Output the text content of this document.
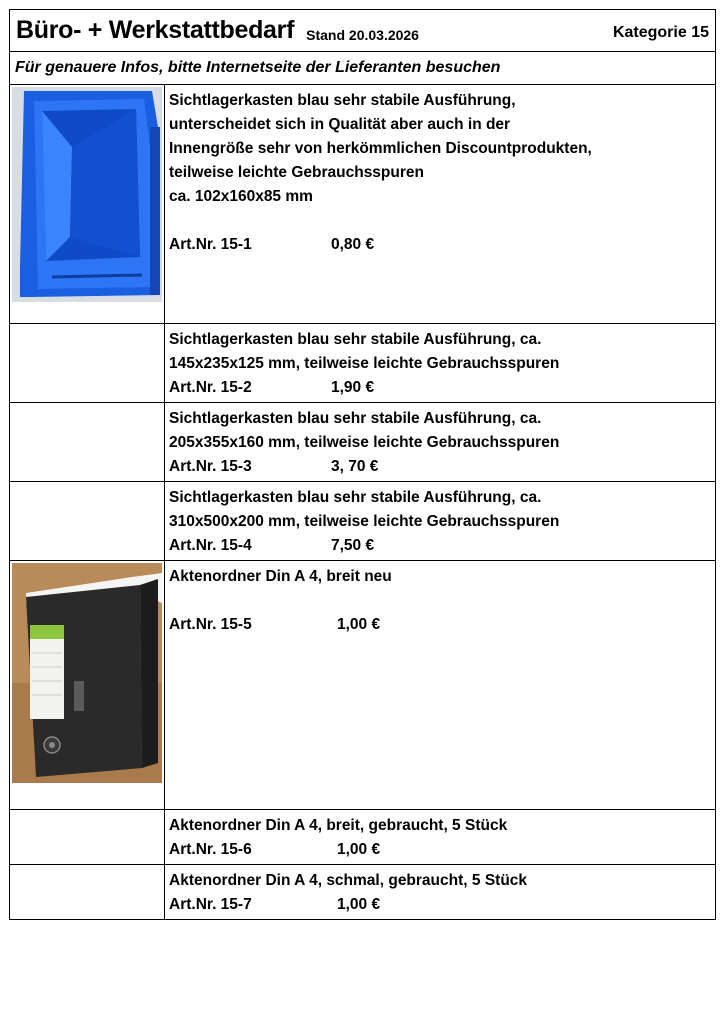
Büro- + Werkstattbedarf Stand 20.03.2026	Kategorie 15
Für genauere Infos, bitte Internetseite der Lieferanten besuchen
Sichtlagerkasten blau sehr stabile Ausführung,
unterscheidet sich in Qualität aber auch in der
Innengröße sehr von herkömmlichen Discountprodukten,
teilweise leichte Gebrauchsspuren
ca. 102x160x85 mm
Art.Nr. 15-1	0,80 €
Sichtlagerkasten blau sehr stabile Ausführung, ca.
145x235x125 mm, teilweise leichte Gebrauchsspuren
Art.Nr. 15-2	1,90 €
Sichtlagerkasten blau sehr stabile Ausführung, ca.
205x355x160 mm, teilweise leichte Gebrauchsspuren
Art.Nr. 15-3	3, 70 €
Sichtlagerkasten blau sehr stabile Ausführung, ca.
310x500x200 mm, teilweise leichte Gebrauchsspuren
Art.Nr. 15-4	7,50 €
Aktenordner Din A 4, breit neu
Art.Nr. 15-5	1,00 €
Aktenordner Din A 4, breit, gebraucht, 5 Stück
Art.Nr. 15-6	1,00 €
Aktenordner Din A 4, schmal, gebraucht, 5 Stück
Art.Nr. 15-7	1,00 €
